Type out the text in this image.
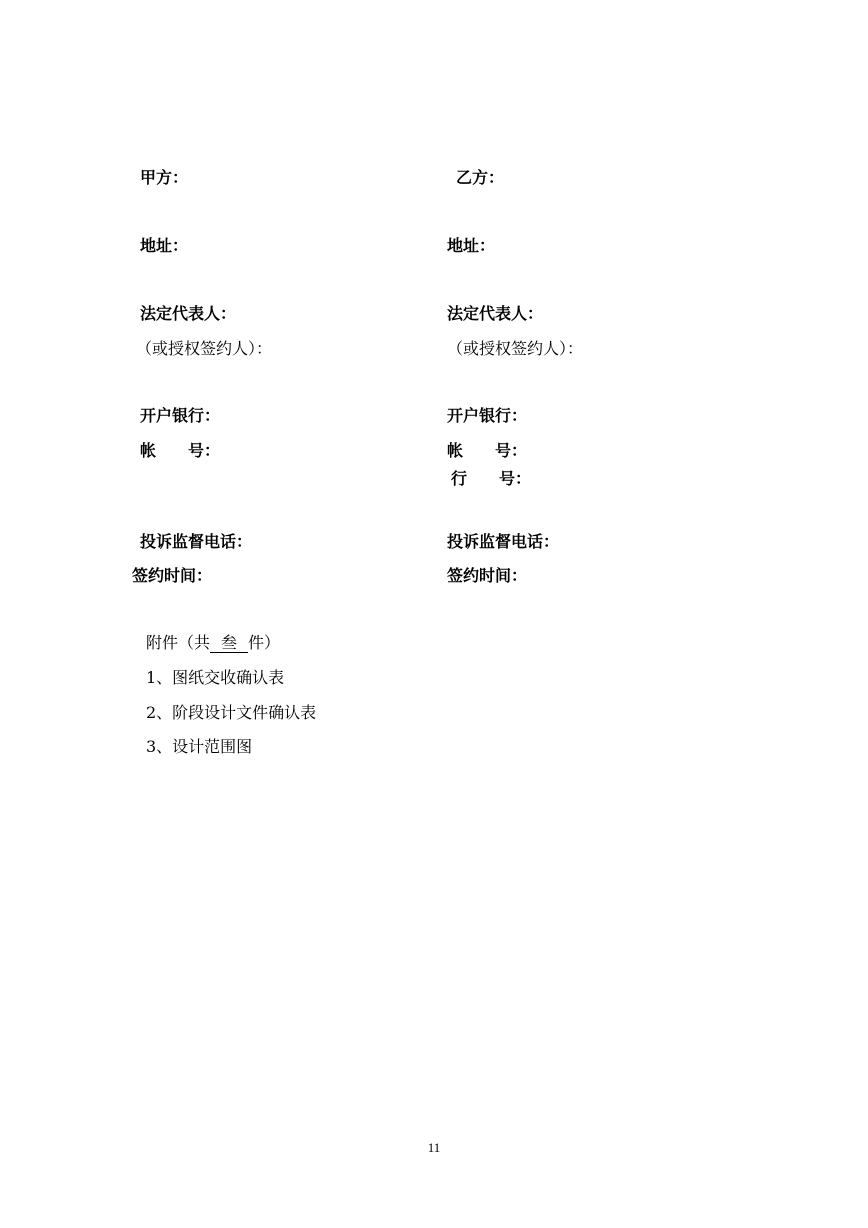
甲方：
地址：
法定代表人：
（或授权签约人）：
开户银行：
帐　　号：
投诉监督电话：
签约时间：
乙方：
地址：
法定代表人：
（或授权签约人）：
开户银行：
帐　　号：
行　　号：
投诉监督电话：
签约时间：
附件（共 叁 件）
1、图纸交收确认表
2、阶段设计文件确认表
3、设计范围图
11
